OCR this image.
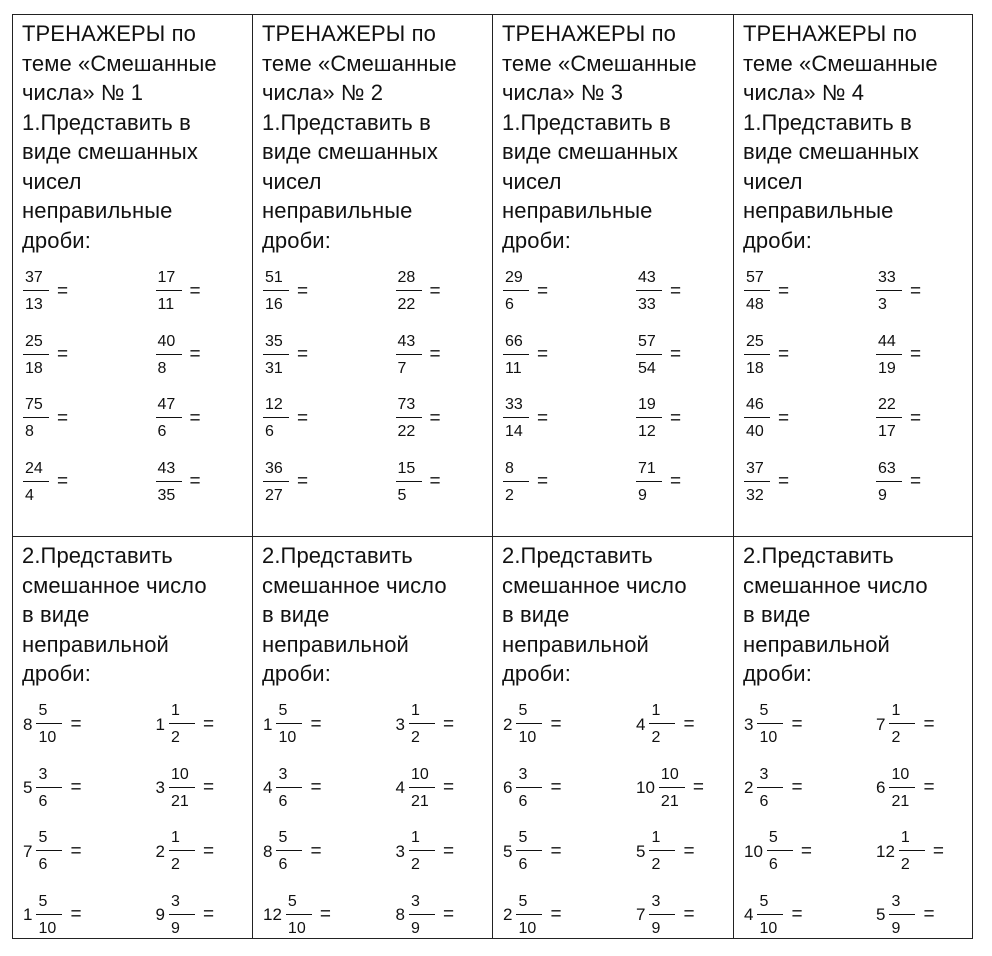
ТРЕНАЖЕРЫ по
теме «Смешанные
числа» № 1

1.Представить в
виде смешанных
чисел
неправильные
дроби:

$\frac{37}{13}$ =	$\frac{17}{11}$ =
$\frac{25}{18}$ =	$\frac{40}{8}$ =
$\frac{75}{8}$ =	$\frac{47}{6}$ =
$\frac{24}{4}$ =	$\frac{43}{35}$ =

2.Представить
смешанное число
в виде
неправильной
дроби:

$8 \frac{5}{10}$ =	$1 \frac{1}{2}$ =
$5 \frac{3}{6}$ =	$3 \frac{10}{21}$ =
$7 \frac{5}{6}$ =	$2 \frac{1}{2}$ =
$1 \frac{5}{10}$ =	$9 \frac{3}{9}$ =

ТРЕНАЖЕРЫ по
теме «Смешанные
числа» № 2

1.Представить в
виде смешанных
чисел
неправильные
дроби:

$\frac{51}{16}$ =	$\frac{28}{22}$ =
$\frac{35}{31}$ =	$\frac{43}{7}$ =
$\frac{12}{6}$ =	$\frac{73}{22}$ =
$\frac{36}{27}$ =	$\frac{15}{5}$ =

2.Представить
смешанное число
в виде
неправильной
дроби:

$1 \frac{5}{10}$ =	$3 \frac{1}{2}$ =
$4 \frac{3}{6}$ =	$4 \frac{10}{21}$ =
$8 \frac{5}{6}$ =	$3 \frac{1}{2}$ =
$12 \frac{5}{10}$ =	$8 \frac{3}{9}$ =

ТРЕНАЖЕРЫ по
теме «Смешанные
числа» № 3

1.Представить в
виде смешанных
чисел
неправильные
дроби:

$\frac{29}{6}$ =	$\frac{43}{33}$ =
$\frac{66}{11}$ =	$\frac{57}{54}$ =
$\frac{33}{14}$ =	$\frac{19}{12}$ =
$\frac{8}{2}$ =	$\frac{71}{9}$ =

2.Представить
смешанное число
в виде
неправильной
дроби:

$2 \frac{5}{10}$ =	$4 \frac{1}{2}$ =
$6 \frac{3}{6}$ =	$10 \frac{10}{21}$ =
$5 \frac{5}{6}$ =	$5 \frac{1}{2}$ =
$2 \frac{5}{10}$ =	$7 \frac{3}{9}$ =

ТРЕНАЖЕРЫ по
теме «Смешанные
числа» № 4

1.Представить в
виде смешанных
чисел
неправильные
дроби:

$\frac{57}{48}$ =	$\frac{33}{3}$ =
$\frac{25}{18}$ =	$\frac{44}{19}$ =
$\frac{46}{40}$ =	$\frac{22}{17}$ =
$\frac{37}{32}$ =	$\frac{63}{9}$ =

2.Представить
смешанное число
в виде
неправильной
дроби:

$3 \frac{5}{10}$ =	$7 \frac{1}{2}$ =
$2 \frac{3}{6}$ =	$6 \frac{10}{21}$ =
$10 \frac{5}{6}$ =	$12 \frac{1}{2}$ =
$4 \frac{5}{10}$ =	$5 \frac{3}{9}$ =
